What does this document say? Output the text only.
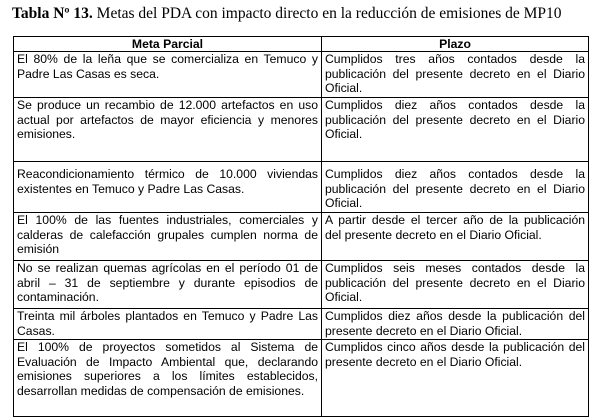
Tabla Nº 13. Metas del PDA con impacto directo en la reducción de emisiones de MP10
Meta Parcial	Plazo
El 80% de la leña que se comercializa en Temuco y Padre Las Casas es seca.	Cumplidos tres años contados desde la publicación del presente decreto en el Diario Oficial.
Se produce un recambio de 12.000 artefactos en uso actual por artefactos de mayor eficiencia y menores emisiones.	Cumplidos diez años contados desde la publicación del presente decreto en el Diario Oficial.
Reacondicionamiento térmico de 10.000 viviendas existentes en Temuco y Padre Las Casas.	Cumplidos diez años contados desde la publicación del presente decreto en el Diario Oficial.
El 100% de las fuentes industriales, comerciales y calderas de calefacción grupales cumplen norma de emisión	A partir desde el tercer año de la publicación del presente decreto en el Diario Oficial.
No se realizan quemas agrícolas en el período 01 de abril – 31 de septiembre y durante episodios de contaminación.	Cumplidos seis meses contados desde la publicación del presente decreto en el Diario Oficial.
Treinta mil árboles plantados en Temuco y Padre Las Casas.	Cumplidos diez años desde la publicación del presente decreto en el Diario Oficial.
El 100% de proyectos sometidos al Sistema de Evaluación de Impacto Ambiental que, declarando emisiones superiores a los límites establecidos, desarrollan medidas de compensación de emisiones.	Cumplidos cinco años desde la publicación del presente decreto en el Diario Oficial.
